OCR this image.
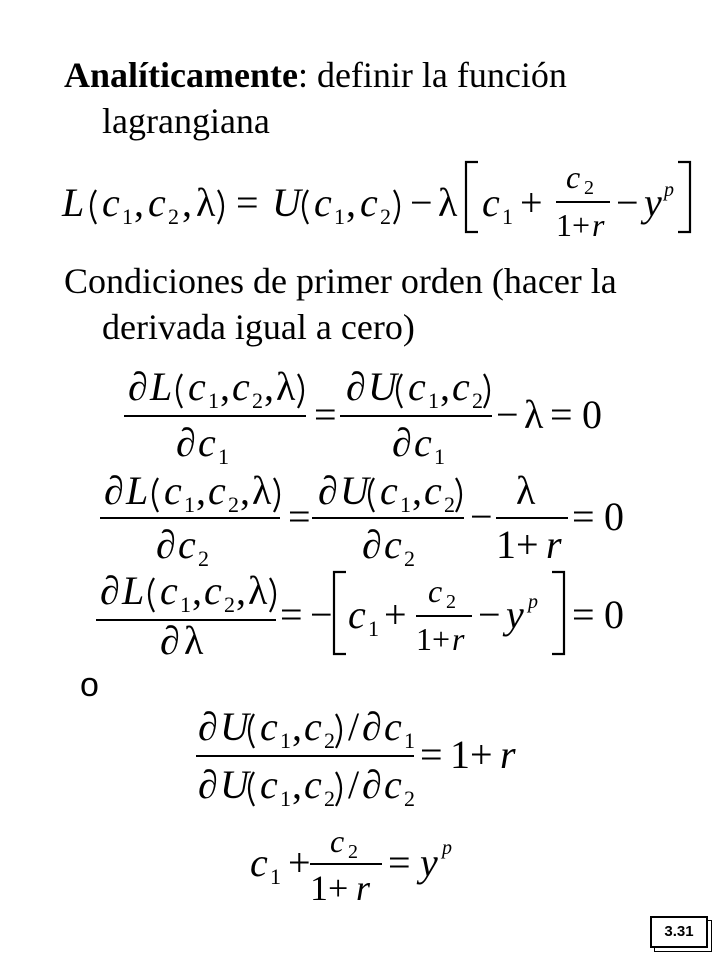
Analíticamente: definir la función
lagrangiana
L c 1 , c 2 , λ = U c 1 , c 2 − λ c 1 +
c 2
1+ r − y p
Condiciones de primer orden (hacer la
derivada igual a cero)
∂ L c 1 , c 2 , λ
∂ c 1
=
∂ U c 1 , c 2
∂ c 1
− λ = 0
∂ L c 1 , c 2 , λ
∂ c 2
=
∂ U c 1 , c 2
∂ c 2
−
λ
1+ r
= 0
∂ L c 1 , c 2 , λ
∂ λ
= − c 1 +
c 2
1+ r
− y p = 0
o
∂ U c 1 , c 2 / ∂ c 1
∂ U c 1 , c 2 / ∂ c 2
= 1+ r
c 1 + c 2
1+ r
= y p
3.31
